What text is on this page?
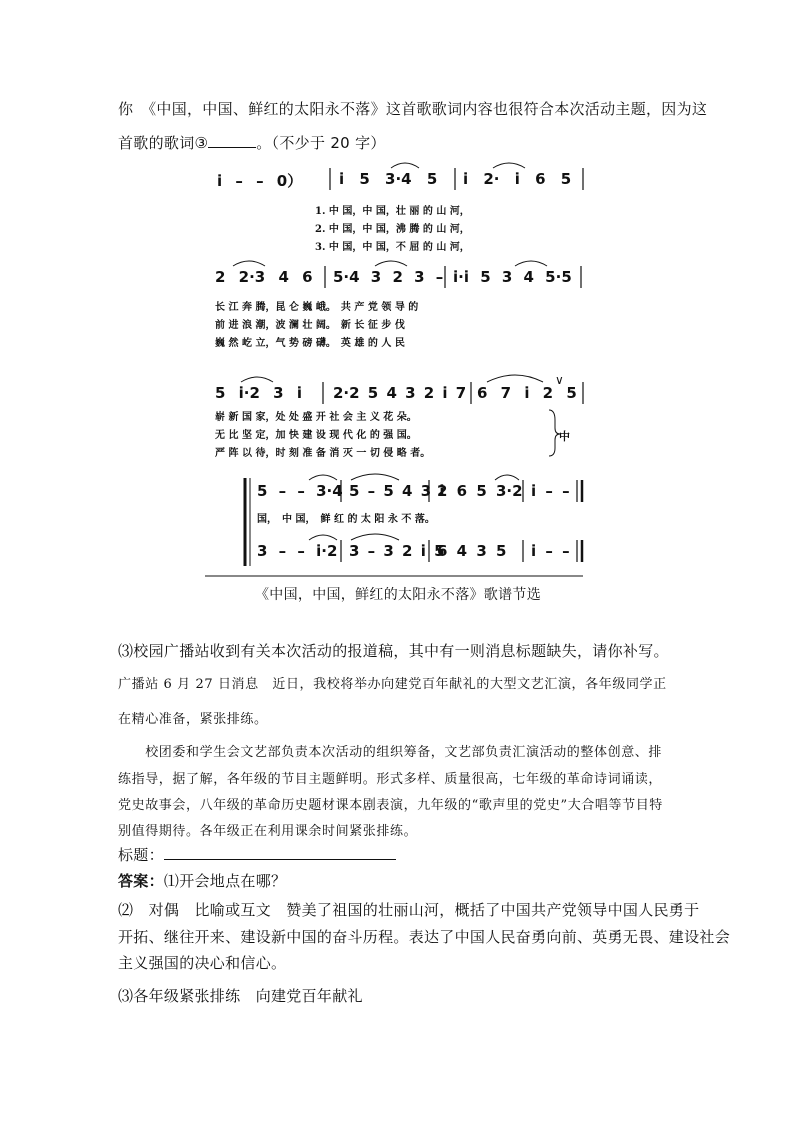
你　《中国，中国、鲜红的太阳永不落》这首歌歌词内容也很符合本次活动主题，因为这
首歌的歌词③	。（不少于 20 字）
i̇ – – 0） i̇ 5 3·4 5 i̇ 2· i̇ 6 5
1. 中 国，中 国，壮 丽 的 山 河，
2. 中 国，中 国，沸 腾 的 山 河，
3. 中 国，中 国，不 屈 的 山 河，
2 2·3 4 6 5·4 3 2 3 – i̇·i̇ 5 3 4 5·5
长 江 奔 腾，昆 仑 巍 峨。　共 产 党 领 导 的
前 进 浪 潮，波 澜 壮 阔。　新 长 征 步 伐
巍 然 屹 立，气 势 磅 礴。　英 雄 的 人 民
5 i̇·2 3 i̇ 2·2 5 4 3 2 i̇ 7 6 7 i̇ 2 5
崭 新 国 家，处 处 盛 开 社 会 主 义 花 朵。
无 比 坚 定，加 快 建 设 现 代 化 的 强 国。
严 阵 以 待，时 刻 准 备 消 灭 一 切 侵 略 者。
中
5 – – 3·4 5 – 5 4 3 i̇
2 6 5 3·2 i̇ – –
国，　中 国，　鲜 红 的 太 阳 永 不 落。
3 – – i̇·2 3 – 3 2 i̇ 5
6 4 3 5 i̇ – –
∨
《中国，中国，鲜红的太阳永不落》歌谱节选
⑶校园广播站收到有关本次活动的报道稿，其中有一则消息标题缺失，请你补写。
广播站 6 月 27 日消息　近日，我校将举办向建党百年献礼的大型文艺汇演，各年级同学正
在精心准备，紧张排练。
　　校团委和学生会文艺部负责本次活动的组织筹备，文艺部负责汇演活动的整体创意、排
练指导，据了解，各年级的节目主题鲜明。形式多样、质量很高，七年级的革命诗词诵读，
党史故事会，八年级的革命历史题材课本剧表演，九年级的“歌声里的党史”大合唱等节目特
别值得期待。各年级正在利用课余时间紧张排练。
标题：
答案：⑴开会地点在哪？
⑵　对偶　比喻或互文　赞美了祖国的壮丽山河，概括了中国共产党领导中国人民勇于
开拓、继往开来、建设新中国的奋斗历程。表达了中国人民奋勇向前、英勇无畏、建设社会
主义强国的决心和信心。
⑶各年级紧张排练　向建党百年献礼
